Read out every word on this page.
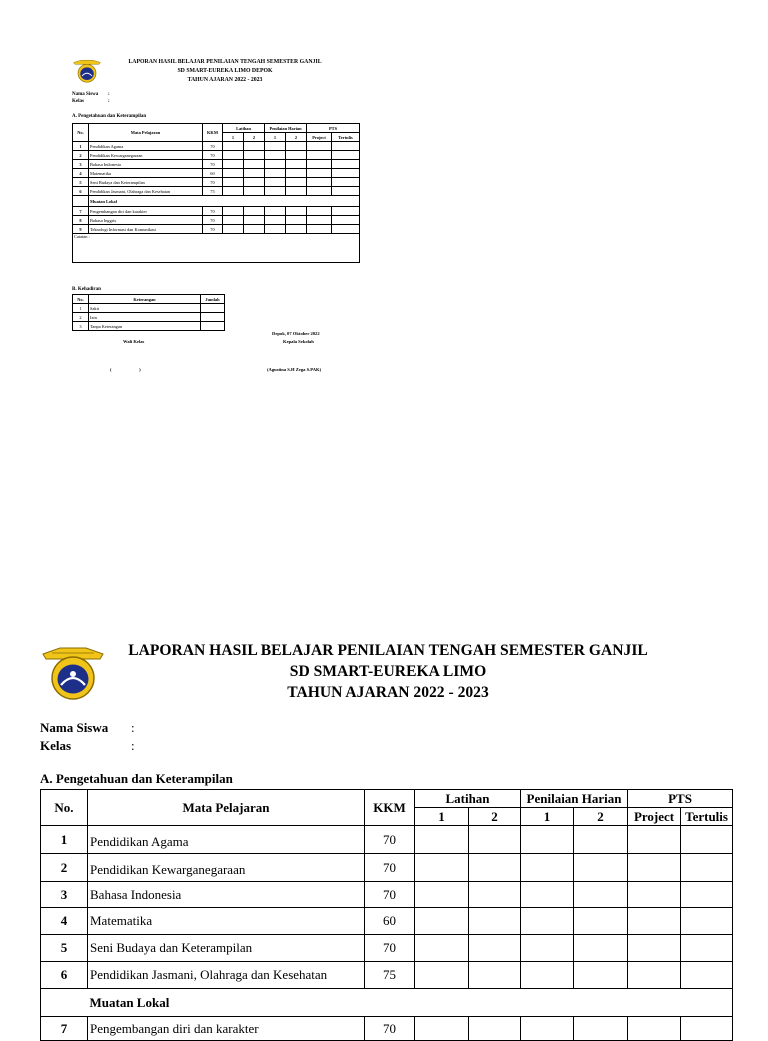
LAPORAN HASIL BELAJAR PENILAIAN TENGAH SEMESTER GANJIL
SD SMART-EUREKA LIMO DEPOK
TAHUN AJARAN 2022 - 2023
Nama Siswa :
Kelas	:
A. Pengetahuan dan Keterampilan
No.	Mata Pelajaran	KKM	Latihan		Penilaian Harian		PTS	
			1	2	1	2	Project	Tertulis
1	Pendidikan Agama	70						
2	Pendidikan Kewarganegaraan	70						
3	Bahasa Indonesia	70						
4	Matematika	60						
5	Seni Budaya dan Keterampilan	70						
6	Pendidikan Jasmani, Olahraga dan Kesehatan	75						
	Muatan Lokal							
7	Pengembangan diri dan karakter	70						
8	Bahasa Inggris	70						
9	Teknologi Informasi dan Komunikasi	70						
Catatan :								
B. Kehadiran
No.	Keterangan	Jumlah
1	Sakit	
2	Izin	
3	Tanpa Keterangan	
Depok, 07 Oktober 2022
Wali Kelas	Kepala Sekolah
(                        )	(Agustina S.H Zega S.PAK)
LAPORAN HASIL BELAJAR PENILAIAN TENGAH SEMESTER GANJIL
SD SMART-EUREKA LIMO
TAHUN AJARAN 2022 - 2023
Nama Siswa :
Kelas	:
A. Pengetahuan dan Keterampilan
No.	Mata Pelajaran	KKM	Latihan		Penilaian Harian		PTS	
			1	2	1	2	Project	Tertulis
1	Pendidikan Agama	70						
2	Pendidikan Kewarganegaraan	70						
3	Bahasa Indonesia	70						
4	Matematika	60						
5	Seni Budaya dan Keterampilan	70						
6	Pendidikan Jasmani, Olahraga dan Kesehatan	75						
	Muatan Lokal							
7	Pengembangan diri dan karakter	70						
